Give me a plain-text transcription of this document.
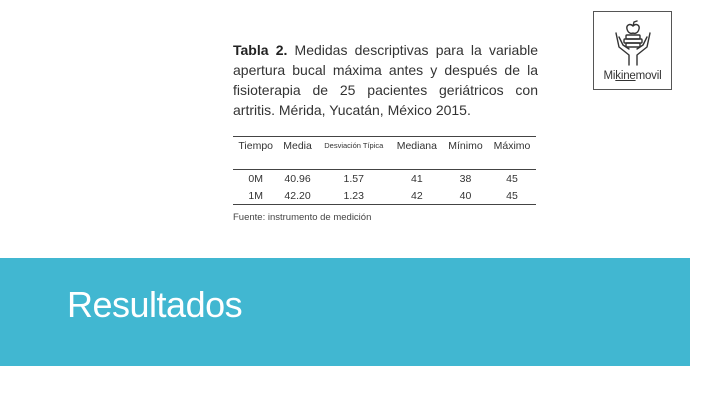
Tabla 2. Medidas descriptivas para la variable apertura bucal máxima antes y después de la fisioterapia de 25 pacientes geriátricos con artritis. Mérida, Yucatán, México 2015.
Tiempo	Media	Desviación Típica	Mediana	Mínimo	Máximo
0M	40.96	1.57	41	38	45
1M	42.20	1.23	42	40	45
Fuente: instrumento de medición
Mikinemovil
Resultados
